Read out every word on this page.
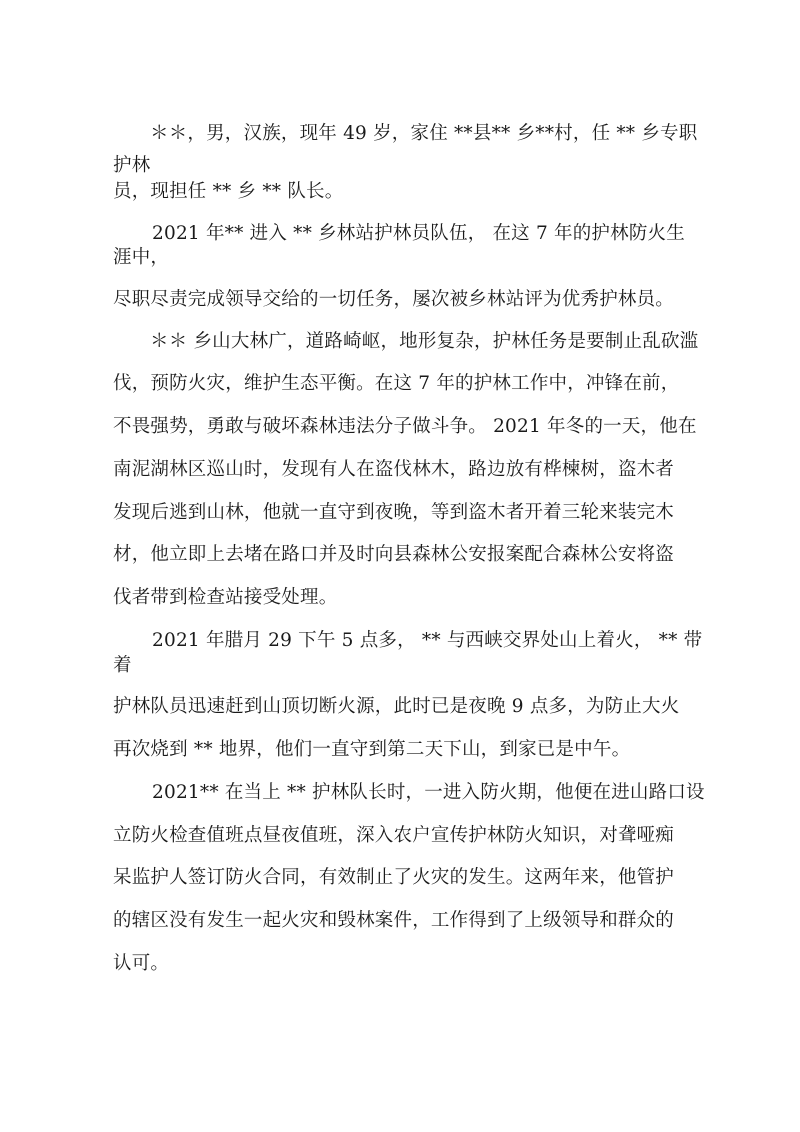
＊＊，男，汉族，现年 49 岁，家住 **县** 乡**村，任 ** 乡专职
护林
员，现担任 ** 乡 ** 队长。
2021 年** 进入 ** 乡林站护林员队伍， 在这 7 年的护林防火生
涯中，
尽职尽责完成领导交给的一切任务，屡次被乡林站评为优秀护林员。
＊＊ 乡山大林广，道路崎岖，地形复杂，护林任务是要制止乱砍滥
伐，预防火灾，维护生态平衡。在这 7 年的护林工作中，冲锋在前，
不畏强势，勇敢与破坏森林违法分子做斗争。 2021 年冬的一天，他在
南泥湖林区巡山时，发现有人在盗伐林木，路边放有桦楝树，盗木者
发现后逃到山林，他就一直守到夜晚，等到盗木者开着三轮来装完木
材，他立即上去堵在路口并及时向县森林公安报案配合森林公安将盗
伐者带到检查站接受处理。
2021 年腊月 29 下午 5 点多， ** 与西峡交界处山上着火， ** 带
着
护林队员迅速赶到山顶切断火源，此时已是夜晚 9 点多，为防止大火
再次烧到 ** 地界，他们一直守到第二天下山，到家已是中午。
2021** 在当上 ** 护林队长时，一进入防火期，他便在进山路口设
立防火检查值班点昼夜值班，深入农户宣传护林防火知识，对聋哑痴
呆监护人签订防火合同，有效制止了火灾的发生。这两年来，他管护
的辖区没有发生一起火灾和毁林案件，工作得到了上级领导和群众的
认可。
